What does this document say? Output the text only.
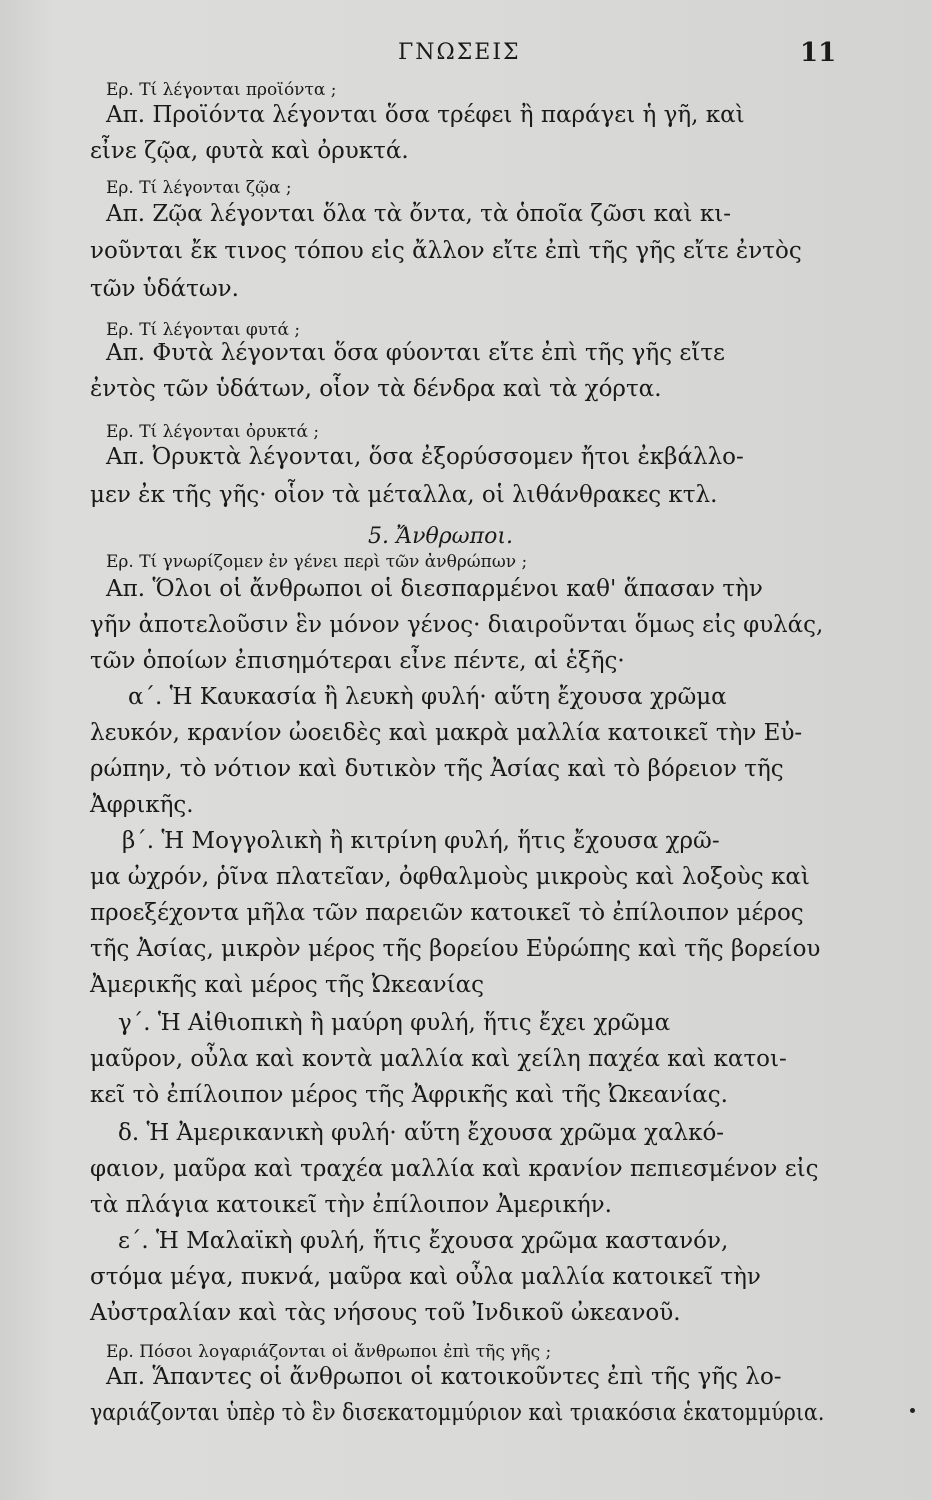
ΓΝΩΣΕΙΣ	11
Ερ. Τί λέγονται προϊόντα ;
Απ. Προϊόντα λέγονται ὅσα τρέφει ἢ παράγει ἡ γῆ, καὶ
εἶνε ζῷα, φυτὰ καὶ ὀρυκτά.
Ερ. Τί λέγονται ζῷα ;
Απ. Ζῷα λέγονται ὅλα τὰ ὄντα, τὰ ὁποῖα ζῶσι καὶ κι-
νοῦνται ἔκ τινος τόπου εἰς ἄλλον εἴτε ἐπὶ τῆς γῆς εἴτε ἐντὸς
τῶν ὑδάτων.
Ερ. Τί λέγονται φυτά ;
Απ. Φυτὰ λέγονται ὅσα φύονται εἴτε ἐπὶ τῆς γῆς εἴτε
ἐντὸς τῶν ὑδάτων, οἷον τὰ δένδρα καὶ τὰ χόρτα.
Ερ. Τί λέγονται ὀρυκτά ;
Απ. Ὀρυκτὰ λέγονται, ὅσα ἐξορύσσομεν ἤτοι ἐκβάλλο-
μεν ἐκ τῆς γῆς· οἷον τὰ μέταλλα, οἱ λιθάνθρακες κτλ.
5. Ἄνθρωποι.
Ερ. Τί γνωρίζομεν ἐν γένει περὶ τῶν ἀνθρώπων ;
Απ. Ὅλοι οἱ ἄνθρωποι οἱ διεσπαρμένοι καθ' ἅπασαν τὴν
γῆν ἀποτελοῦσιν ἓν μόνον γένος· διαιροῦνται ὅμως εἰς φυλάς,
τῶν ὁποίων ἐπισημότεραι εἶνε πέντε, αἱ ἑξῆς·
α΄. Ἡ Καυκασία ἢ λευκὴ φυλή· αὕτη ἔχουσα χρῶμα
λευκόν, κρανίον ὠοειδὲς καὶ μακρὰ μαλλία κατοικεῖ τὴν Εὐ-
ρώπην, τὸ νότιον καὶ δυτικὸν τῆς Ἀσίας καὶ τὸ βόρειον τῆς
Ἀφρικῆς.
β΄. Ἡ Μογγολικὴ ἢ κιτρίνη φυλή, ἥτις ἔχουσα χρῶ-
μα ὠχρόν, ῥῖνα πλατεῖαν, ὀφθαλμοὺς μικροὺς καὶ λοξοὺς καὶ
προεξέχοντα μῆλα τῶν παρειῶν κατοικεῖ τὸ ἐπίλοιπον μέρος
τῆς Ἀσίας, μικρὸν μέρος τῆς βορείου Εὐρώπης καὶ τῆς βορείου
Ἀμερικῆς καὶ μέρος τῆς Ὠκεανίας
γ΄. Ἡ Αἰθιοπικὴ ἢ μαύρη φυλή, ἥτις ἔχει χρῶμα
μαῦρον, οὖλα καὶ κοντὰ μαλλία καὶ χείλη παχέα καὶ κατοι-
κεῖ τὸ ἐπίλοιπον μέρος τῆς Ἀφρικῆς καὶ τῆς Ὠκεανίας.
δ. Ἡ Ἀμερικανικὴ φυλή· αὕτη ἔχουσα χρῶμα χαλκό-
φαιον, μαῦρα καὶ τραχέα μαλλία καὶ κρανίον πεπιεσμένον εἰς
τὰ πλάγια κατοικεῖ τὴν ἐπίλοιπον Ἀμερικήν.
ε΄. Ἡ Μαλαϊκὴ φυλή, ἥτις ἔχουσα χρῶμα καστανόν,
στόμα μέγα, πυκνά, μαῦρα καὶ οὖλα μαλλία κατοικεῖ τὴν
Αὐστραλίαν καὶ τὰς νήσους τοῦ Ἰνδικοῦ ὠκεανοῦ.
Ερ. Πόσοι λογαριάζονται οἱ ἄνθρωποι ἐπὶ τῆς γῆς ;
Απ. Ἅπαντες οἱ ἄνθρωποι οἱ κατοικοῦντες ἐπὶ τῆς γῆς λο-
γαριάζονται ὑπὲρ τὸ ἓν δισεκατομμύριον καὶ τριακόσια ἑκατομμύρια.
